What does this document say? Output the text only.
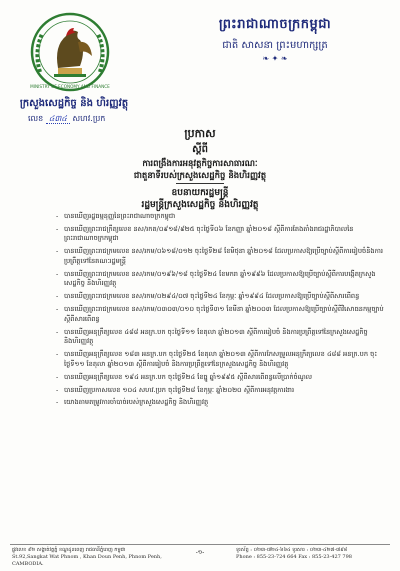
ព្រះរាជាណាចក្រកម្ពុជា
ជាតិ សាសនា ព្រះមហាក្សត្រ
❧ ✦ ❧
MINISTRY OF ECONOMY AND FINANCE
ក្រសួងសេដ្ឋកិច្ច និង ហិរញ្ញវត្ថុ
លេខ ៤៣៤ សហវ.ប្រក
ប្រកាស
ស្តីពី
ការពង្រឹងការអនុវត្តកិច្ចការសាធារណៈ
ជាតួនាទីរបស់ក្រសួងសេដ្ឋកិច្ច និងហិរញ្ញវត្ថុ
ឧបនាយករដ្ឋមន្ត្រី
រដ្ឋមន្ត្រីក្រសួងសេដ្ឋកិច្ច និងហិរញ្ញវត្ថុ
- បានឃើញរដ្ឋធម្មនុញ្ញនៃព្រះរាជាណាចក្រកម្ពុជា
- បានឃើញព្រះរាជក្រឹត្យលេខ នស/រកត/០៩១៨/៩២៥ ចុះថ្ងៃទី០៦ ខែកញ្ញា ឆ្នាំ២០១៨ ស្តីពីការតែងតាំងរាជរដ្ឋាភិបាលនៃព្រះរាជាណាចក្រកម្ពុជា
- បានឃើញព្រះរាជក្រមលេខ នស/រកម/០៦១៨/០១២ ចុះថ្ងៃទី២៨ ខែមិថុនា ឆ្នាំ២០១៨ ដែលប្រកាសឱ្យប្រើច្បាប់ស្តីពីការរៀបចំនិងការប្រព្រឹត្តទៅនៃគណៈរដ្ឋមន្ត្រី
- បានឃើញព្រះរាជក្រមលេខ នស/រកម/០១៩៦/១៨ ចុះថ្ងៃទី២៤ ខែមករា ឆ្នាំ១៩៩៦ ដែលប្រកាសឱ្យប្រើច្បាប់ស្តីពីការបង្កើតក្រសួងសេដ្ឋកិច្ច និងហិរញ្ញវត្ថុ
- បានឃើញព្រះរាជក្រមលេខ នស/រកម/០២៩៤/០៧ ចុះថ្ងៃទី២៤ ខែកុម្ភៈ ឆ្នាំ១៩៩៤ ដែលប្រកាសឱ្យប្រើច្បាប់ស្តីពីសារពើពន្ធ
- បានឃើញព្រះរាជក្រមលេខ នស/រកម/០៣០៣/០១០ ចុះថ្ងៃទី៣១ ខែមីនា ឆ្នាំ២០០៣ ដែលប្រកាសឱ្យប្រើច្បាប់ស្តីពីវិសោធនកម្មច្បាប់ស្តីពីសារពើពន្ធ
- បានឃើញអនុក្រឹត្យលេខ ៤៨៨ អនក្រ.បក ចុះថ្ងៃទី១១ ខែតុលា ឆ្នាំ២០១៣ ស្តីពីការរៀបចំ និងការប្រព្រឹត្តទៅនៃក្រសួងសេដ្ឋកិច្ច និងហិរញ្ញវត្ថុ
- បានឃើញអនុក្រឹត្យលេខ ១៨៣ អនក្រ.បក ចុះថ្ងៃទី២៥ ខែតុលា ឆ្នាំ២០១៣ ស្តីពីការកែសម្រួលអនុក្រឹត្យលេខ ៤៨៨ អនក្រ.បក ចុះថ្ងៃទី១១ ខែតុលា ឆ្នាំ២០១៣ ស្តីពីការរៀបចំ និងការប្រព្រឹត្តទៅនៃក្រសួងសេដ្ឋកិច្ច និងហិរញ្ញវត្ថុ
- បានឃើញអនុក្រឹត្យលេខ ១៩៤ អនក្រ.បក ចុះថ្ងៃទី២៤ ខែធ្នូ ឆ្នាំ១៩៩៥ ស្តីពីសារពើពន្ធលើប្រាក់ចំណូល
- បានឃើញប្រកាសលេខ ១០៤ សហវ.ប្រក ចុះថ្ងៃទី២៨ ខែកុម្ភៈ ឆ្នាំ២០២០ ស្តីពីការអនុវត្តការងារ
- យោងតាមតម្រូវការចាំបាច់របស់ក្រសួងសេដ្ឋកិច្ច និងហិរញ្ញវត្ថុ
ផ្លូវលេខ ៩២ សង្កាត់វត្តភ្នំ ខណ្ឌដូនពេញ រាជធានីភ្នំពេញ កម្ពុជា
St.92,Sangkat Wat Phnom , Khan Doun Penh, Phnom Penh, CAMBODIA.
-១-	ទូរស័ព្ទ : ០២៣-៧២៤-៦៦៤ ទូរសារ : ០២៣-៤២៧-៧៩៨
Phone : 855-23-724 664 Fax : 855-23-427 798
